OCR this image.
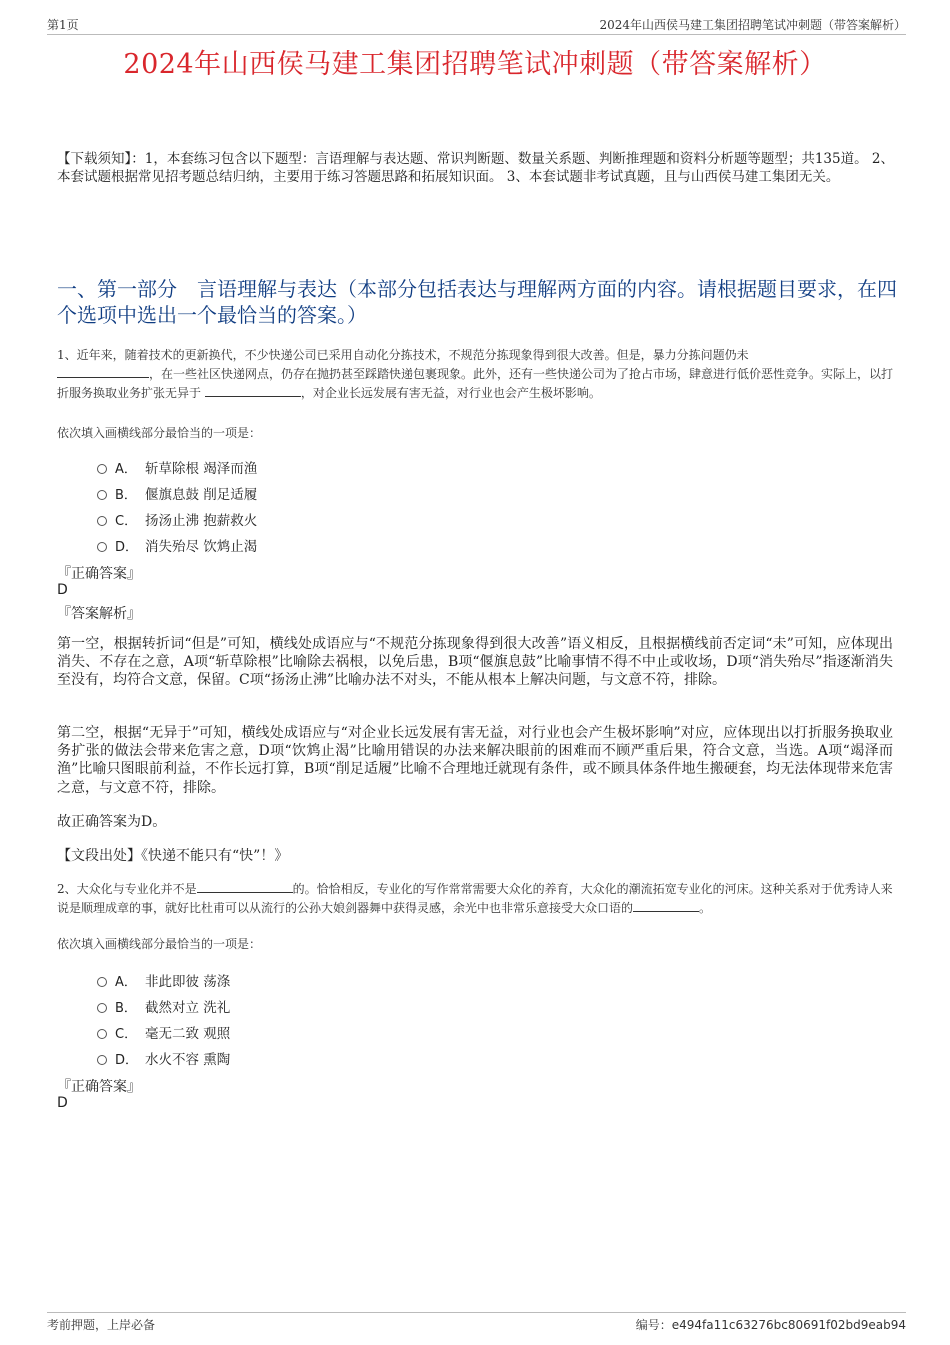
第1页	2024年山西侯马建工集团招聘笔试冲刺题（带答案解析）
2024年山西侯马建工集团招聘笔试冲刺题（带答案解析）
【下载须知】：1，本套练习包含以下题型：言语理解与表达题、常识判断题、数量关系题、判断推理题和资料分析题等题型；共135道。 2、本套试题根据常见招考题总结归纳，主要用于练习答题思路和拓展知识面。 3、本套试题非考试真题，且与山西侯马建工集团无关。
一、第一部分　言语理解与表达（本部分包括表达与理解两方面的内容。请根据题目要求，在四个选项中选出一个最恰当的答案。）
1、近年来，随着技术的更新换代，不少快递公司已采用自动化分拣技术，不规范分拣现象得到很大改善。但是，暴力分拣问题仍未
，在一些社区快递网点，仍存在抛扔甚至踩踏快递包裹现象。此外，还有一些快递公司为了抢占市场，肆意进行低价恶性竞争。实际上，以打折服务换取业务扩张无异于	，对企业长远发展有害无益，对行业也会产生极坏影响。
依次填入画横线部分最恰当的一项是：
A． 斩草除根 竭泽而渔
B． 偃旗息鼓 削足适履
C． 扬汤止沸 抱薪救火
D． 消失殆尽 饮鸩止渴
『正确答案』
D
『答案解析』
第一空，根据转折词“但是”可知，横线处成语应与“不规范分拣现象得到很大改善”语义相反，且根据横线前否定词“未”可知，应体现出消失、不存在之意，A项“斩草除根”比喻除去祸根，以免后患，B项“偃旗息鼓”比喻事情不得不中止或收场，D项“消失殆尽”指逐渐消失至没有，均符合文意，保留。C项“扬汤止沸”比喻办法不对头，不能从根本上解决问题，与文意不符，排除。
第二空，根据“无异于”可知，横线处成语应与“对企业长远发展有害无益，对行业也会产生极坏影响”对应，应体现出以打折服务换取业务扩张的做法会带来危害之意，D项“饮鸩止渴”比喻用错误的办法来解决眼前的困难而不顾严重后果，符合文意，当选。A项“竭泽而渔”比喻只图眼前利益，不作长远打算，B项“削足适履”比喻不合理地迁就现有条件，或不顾具体条件地生搬硬套，均无法体现带来危害之意，与文意不符，排除。
故正确答案为D。
【文段出处】《快递不能只有“快”！》
2、大众化与专业化并不是	的。恰恰相反，专业化的写作常常需要大众化的养育，大众化的潮流拓宽专业化的河床。这种关系对于优秀诗人来说是顺理成章的事，就好比杜甫可以从流行的公孙大娘剑器舞中获得灵感，余光中也非常乐意接受大众口语的	。
依次填入画横线部分最恰当的一项是：
A． 非此即彼 荡涤
B． 截然对立 洗礼
C． 毫无二致 观照
D． 水火不容 熏陶
『正确答案』
D
考前押题，上岸必备	编号：e494fa11c63276bc80691f02bd9eab94
